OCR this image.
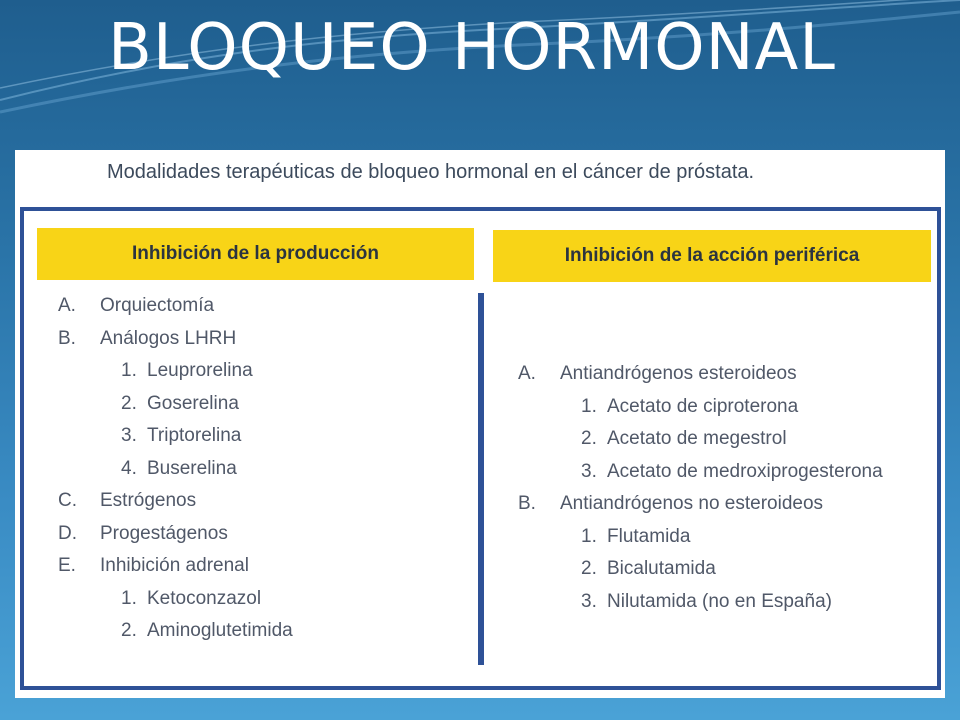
BLOQUEO HORMONAL

Modalidades terapéuticas de bloqueo hormonal en el cáncer de próstata.

Inhibición de la producción	Inhibición de la acción periférica
A. Orquiectomía
B. Análogos LHRH
1. Leuprorelina
2. Goserelina
3. Triptorelina
4. Buserelina
C. Estrógenos
D. Progestágenos
E. Inhibición adrenal
1. Ketoconzazol
2. Aminoglutetimida
A. Antiandrógenos esteroideos
1. Acetato de ciproterona
2. Acetato de megestrol
3. Acetato de medroxiprogesterona
B. Antiandrógenos no esteroideos
1. Flutamida
2. Bicalutamida
3. Nilutamida (no en España)
